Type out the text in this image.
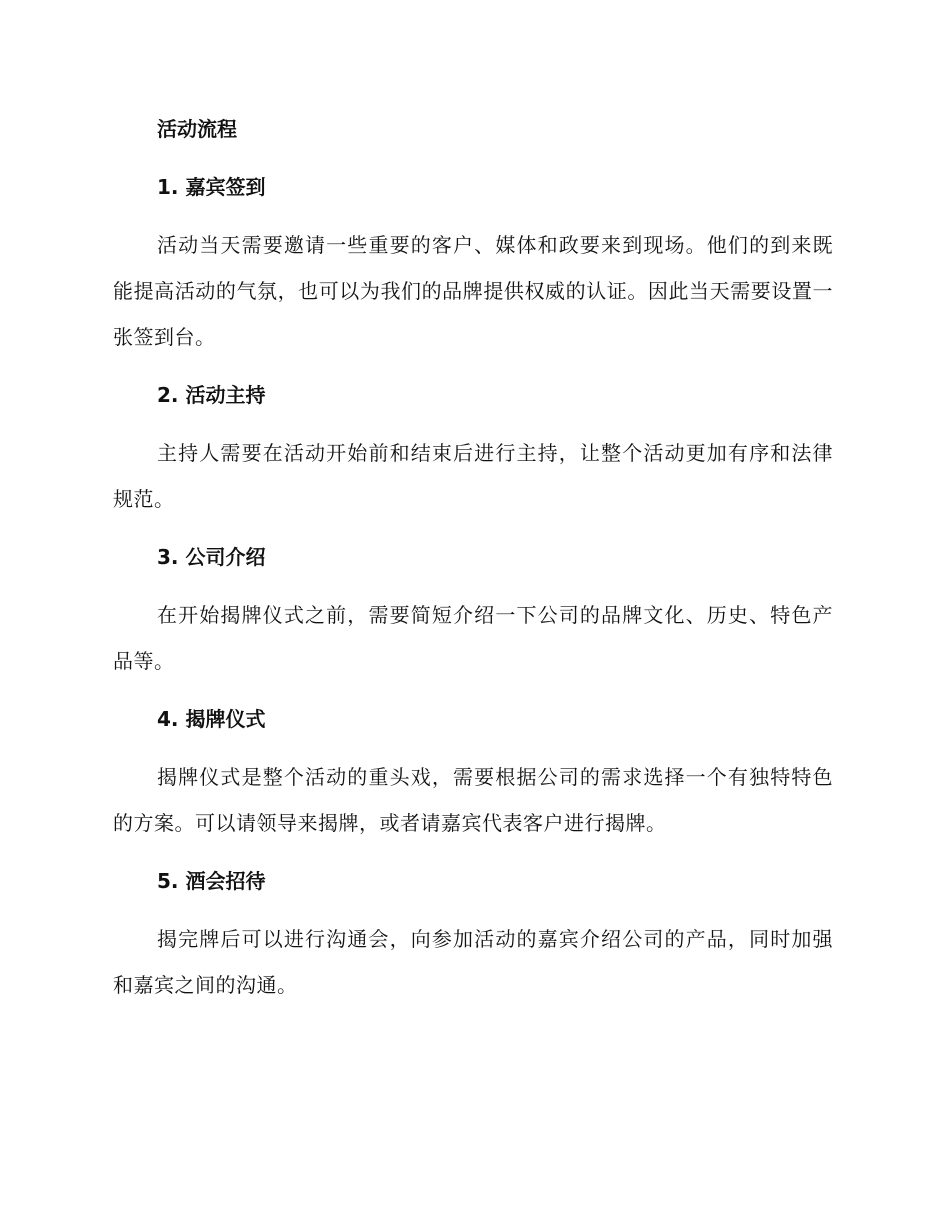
活动流程
1. 嘉宾签到

活动当天需要邀请一些重要的客户、媒体和政要来到现场。他们的到来既能提高活动的气氛，也可以为我们的品牌提供权威的认证。因此当天需要设置一张签到台。

2. 活动主持

主持人需要在活动开始前和结束后进行主持，让整个活动更加有序和法律规范。

3. 公司介绍

在开始揭牌仪式之前，需要简短介绍一下公司的品牌文化、历史、特色产品等。

4. 揭牌仪式

揭牌仪式是整个活动的重头戏，需要根据公司的需求选择一个有独特特色的方案。可以请领导来揭牌，或者请嘉宾代表客户进行揭牌。

5. 酒会招待

揭完牌后可以进行沟通会，向参加活动的嘉宾介绍公司的产品，同时加强和嘉宾之间的沟通。
